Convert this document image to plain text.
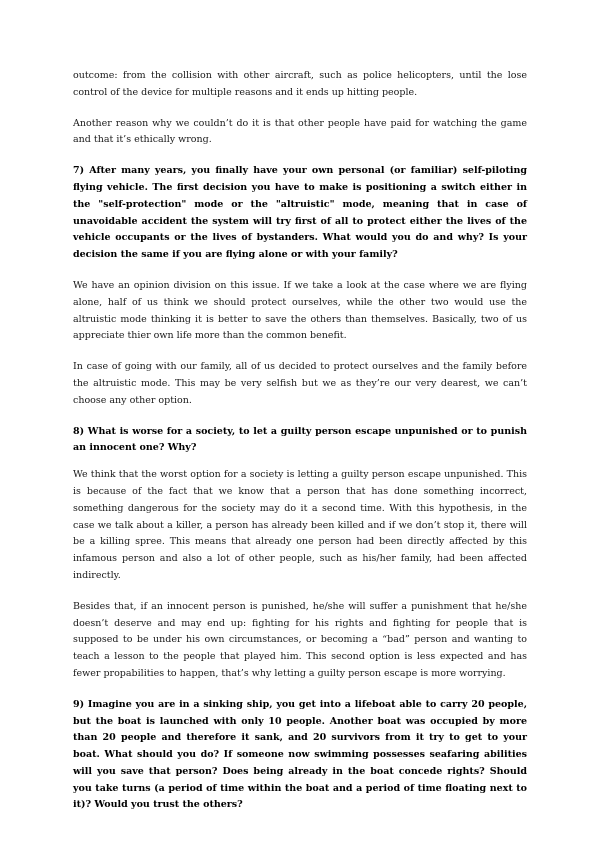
outcome: from the collision with other aircraft, such as police helicopters, until the lose control of the device for multiple reasons and it ends up hitting people.

Another reason why we couldn’t do it is that other people have paid for watching the game and that it’s ethically wrong.

7) After many years, you finally have your own personal (or familiar) self-piloting flying vehicle. The first decision you have to make is positioning a switch either in the "self-protection" mode or the "altruistic" mode, meaning that in case of unavoidable accident the system will try first of all to protect either the lives of the vehicle occupants or the lives of bystanders. What would you do and why? Is your decision the same if you are flying alone or with your family?

We have an opinion division on this issue. If we take a look at the case where we are flying alone, half of us think we should protect ourselves, while the other two would use the altruistic mode thinking it is better to save the others than themselves. Basically, two of us appreciate thier own life more than the common benefit.

In case of going with our family, all of us decided to protect ourselves and the family before the altruistic mode. This may be very selfish but we as they’re our very dearest, we can’t choose any other option.

8) What is worse for a society, to let a guilty person escape unpunished or to punish an innocent one? Why?

We think that the worst option for a society is letting a guilty person escape unpunished. This is because of the fact that we know that a person that has done something incorrect, something dangerous for the society may do it a second time. With this hypothesis, in the case we talk about a killer, a person has already been killed and if we don’t stop it, there will be a killing spree. This means that already one person had been directly affected by this infamous person and also a lot of other people, such as his/her family, had been affected indirectly.

Besides that, if an innocent person is punished, he/she will suffer a punishment that he/she doesn’t deserve and may end up: fighting for his rights and fighting for people that is supposed to be under his own circumstances, or becoming a “bad” person and wanting to teach a lesson to the people that played him. This second option is less expected and has fewer propabilities to happen, that’s why letting a guilty person escape is more worrying.

9) Imagine you are in a sinking ship, you get into a lifeboat able to carry 20 people, but the boat is launched with only 10 people. Another boat was occupied by more than 20 people and therefore it sank, and 20 survivors from it try to get to your boat. What should you do? If someone now swimming possesses seafaring abilities will you save that person? Does being already in the boat concede rights? Should you take turns (a period of time within the boat and a period of time floating next to it)? Would you trust the others?
